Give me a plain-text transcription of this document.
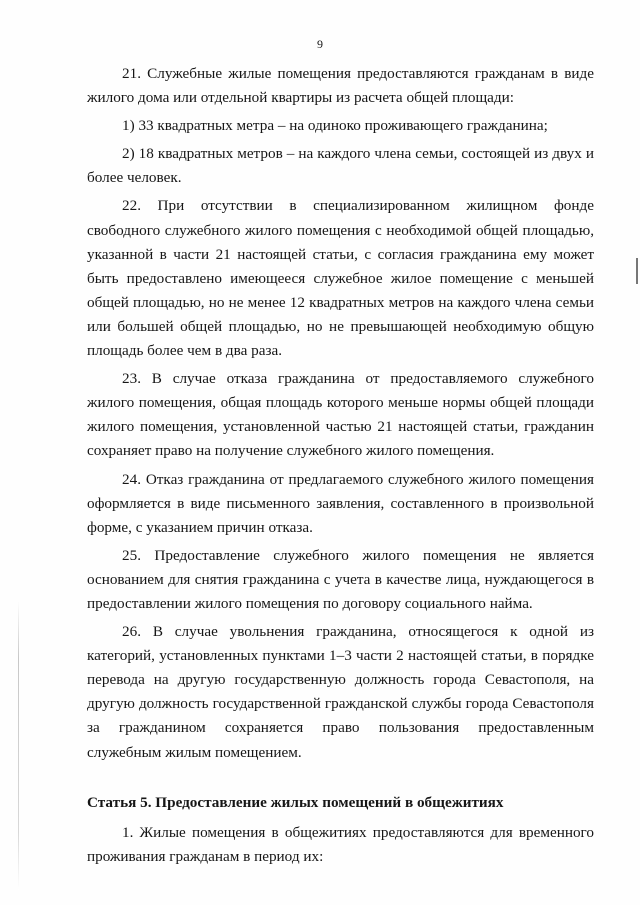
9

21. Служебные жилые помещения предоставляются гражданам в виде жилого дома или отдельной квартиры из расчета общей площади:

1) 33 квадратных метра – на одиноко проживающего гражданина;

2) 18 квадратных метров – на каждого члена семьи, состоящей из двух и более человек.

22. При отсутствии в специализированном жилищном фонде свободного служебного жилого помещения с необходимой общей площадью, указанной в части 21 настоящей статьи, с согласия гражданина ему может быть предоставлено имеющееся служебное жилое помещение с меньшей общей площадью, но не менее 12 квадратных метров на каждого члена семьи или большей общей площадью, но не превышающей необходимую общую площадь более чем в два раза.

23. В случае отказа гражданина от предоставляемого служебного жилого помещения, общая площадь которого меньше нормы общей площади жилого помещения, установленной частью 21 настоящей статьи, гражданин сохраняет право на получение служебного жилого помещения.

24. Отказ гражданина от предлагаемого служебного жилого помещения оформляется в виде письменного заявления, составленного в произвольной форме, с указанием причин отказа.

25. Предоставление служебного жилого помещения не является основанием для снятия гражданина с учета в качестве лица, нуждающегося в предоставлении жилого помещения по договору социального найма.

26. В случае увольнения гражданина, относящегося к одной из категорий, установленных пунктами 1–3 части 2 настоящей статьи, в порядке перевода на другую государственную должность города Севастополя, на другую должность государственной гражданской службы города Севастополя за гражданином сохраняется право пользования предоставленным служебным жилым помещением.

Статья 5. Предоставление жилых помещений в общежитиях

1. Жилые помещения в общежитиях предоставляются для временного проживания гражданам в период их:
